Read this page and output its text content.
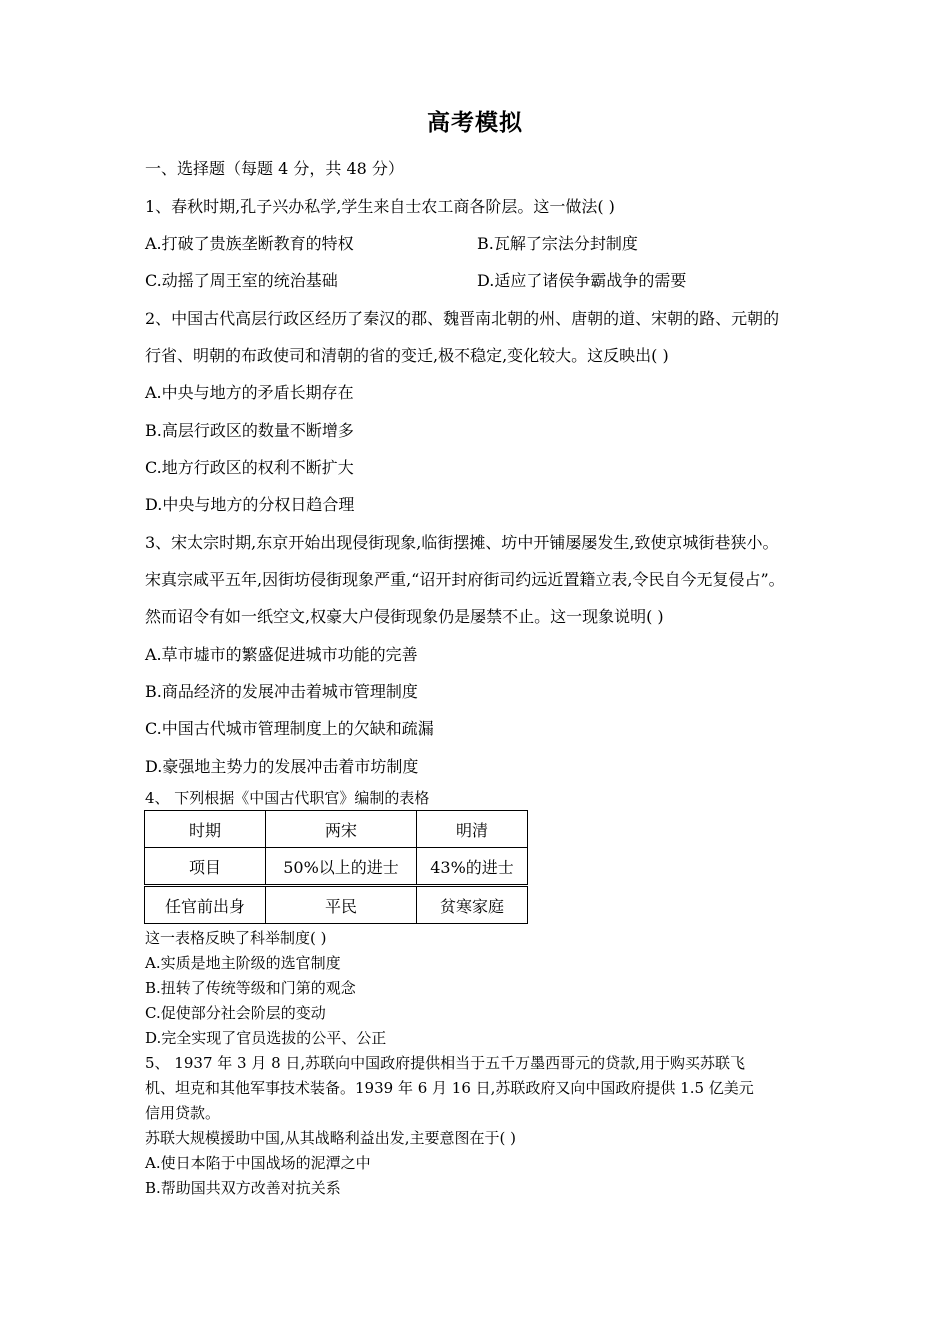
高考模拟
一、选择题（每题 4 分，共 48 分）
1、春秋时期,孔子兴办私学,学生来自士农工商各阶层。这一做法( )
A.打破了贵族垄断教育的特权	B.瓦解了宗法分封制度
C.动摇了周王室的统治基础	D.适应了诸侯争霸战争的需要
2、中国古代高层行政区经历了秦汉的郡、魏晋南北朝的州、唐朝的道、宋朝的路、元朝的
行省、明朝的布政使司和清朝的省的变迁,极不稳定,变化较大。这反映出( )
A.中央与地方的矛盾长期存在
B.高层行政区的数量不断增多
C.地方行政区的权利不断扩大
D.中央与地方的分权日趋合理
3、宋太宗时期,东京开始出现侵街现象,临街摆摊、坊中开铺屡屡发生,致使京城街巷狭小。
宋真宗咸平五年,因街坊侵街现象严重,“诏开封府街司约远近置籍立表,令民自今无复侵占”。
然而诏令有如一纸空文,权豪大户侵街现象仍是屡禁不止。这一现象说明( )
A.草市墟市的繁盛促进城市功能的完善
B.商品经济的发展冲击着城市管理制度
C.中国古代城市管理制度上的欠缺和疏漏
D.豪强地主势力的发展冲击着市坊制度
4、 下列根据《中国古代职官》编制的表格
时期	两宋	明清
项目	50%以上的进士	43%的进士
任官前出身	平民	贫寒家庭
这一表格反映了科举制度( )
A.实质是地主阶级的选官制度
B.扭转了传统等级和门第的观念
C.促使部分社会阶层的变动
D.完全实现了官员选拔的公平、公正
5、 1937 年 3 月 8 日,苏联向中国政府提供相当于五千万墨西哥元的贷款,用于购买苏联飞
机、坦克和其他军事技术装备。1939 年 6 月 16 日,苏联政府又向中国政府提供 1.5 亿美元
信用贷款。
苏联大规模援助中国,从其战略利益出发,主要意图在于( )
A.使日本陷于中国战场的泥潭之中
B.帮助国共双方改善对抗关系
